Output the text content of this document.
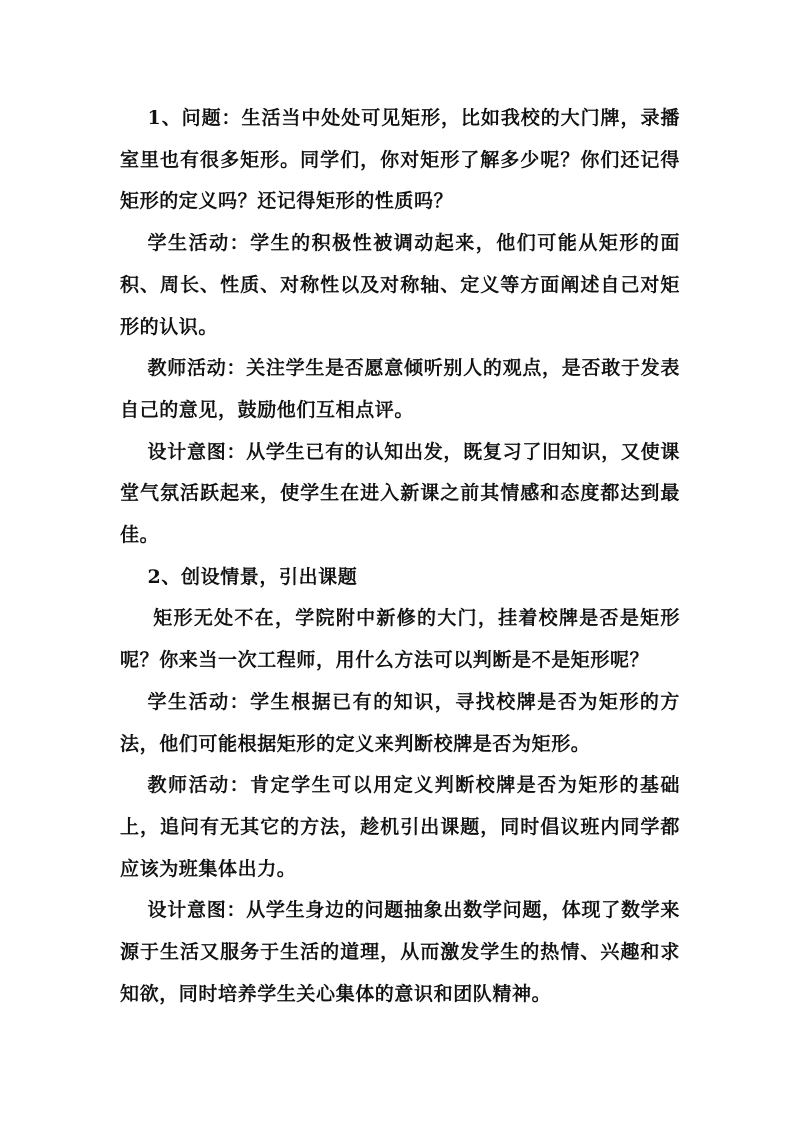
1、问题：生活当中处处可见矩形，比如我校的大门牌，录播室里也有很多矩形。同学们，你对矩形了解多少呢？你们还记得矩形的定义吗？还记得矩形的性质吗？

学生活动：学生的积极性被调动起来，他们可能从矩形的面积、周长、性质、对称性以及对称轴、定义等方面阐述自己对矩形的认识。

教师活动：关注学生是否愿意倾听别人的观点，是否敢于发表自己的意见，鼓励他们互相点评。

设计意图：从学生已有的认知出发，既复习了旧知识，又使课堂气氛活跃起来，使学生在进入新课之前其情感和态度都达到最佳。

2、创设情景，引出课题

矩形无处不在，学院附中新修的大门，挂着校牌是否是矩形呢？你来当一次工程师，用什么方法可以判断是不是矩形呢？

学生活动：学生根据已有的知识，寻找校牌是否为矩形的方法，他们可能根据矩形的定义来判断校牌是否为矩形。

教师活动：肯定学生可以用定义判断校牌是否为矩形的基础上，追问有无其它的方法，趁机引出课题，同时倡议班内同学都应该为班集体出力。

设计意图：从学生身边的问题抽象出数学问题，体现了数学来源于生活又服务于生活的道理，从而激发学生的热情、兴趣和求知欲，同时培养学生关心集体的意识和团队精神。
